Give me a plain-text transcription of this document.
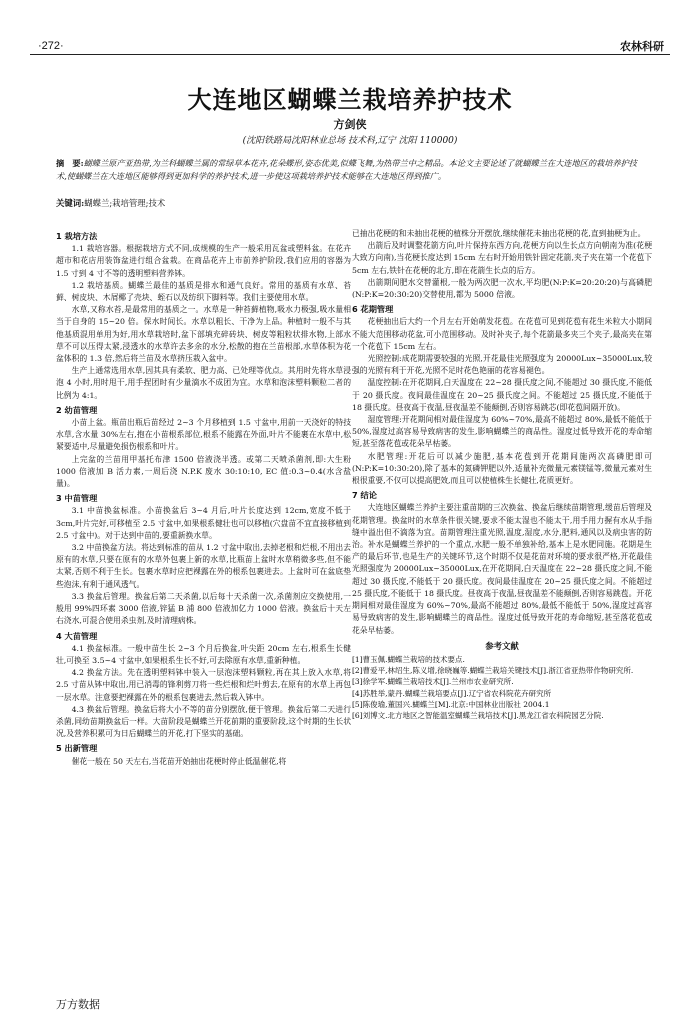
·272·	农林科研
大连地区蝴蝶兰栽培养护技术
方剑侠
(沈阳铁路局沈阳林业总场 技术科,辽宁 沈阳 110000)
摘　要:蝴蝶兰原产亚热带,为兰科蝴蝶兰属的常绿草本花卉,花朵蝶形,姿态优美,似蝶飞舞,为热带兰中之精品。本论文主要论述了就蝴蝶兰在大连地区的栽培养护技术,使蝴蝶兰在大连地区能够得到更加科学的养护技术,进一步使这项栽培养护技术能够在大连地区得到推广。
关键词:蝴蝶兰;栽培管理;技术
1 栽培方法

1.1 栽培容器。根据栽培方式不同,成规模的生产一般采用瓦盆或塑料盆。在花卉超市和花店用装饰盆进行组合盆栽。在商品花卉上市前养护阶段,我们应用的容器为 1.5 寸到 4 寸不等的透明塑料营养钵。

1.2 栽培基质。蝴蝶兰最佳的基质是排水和通气良好。常用的基质有水草、苔藓、树皮块、木屑椰了壳块、蛭石以及纺织下脚料等。我们主要使用水草。

水草,又称水苔,是最常用的基质之一。水草是一种苔藓植物,吸水力极强,吸水量相当于自身的 15~20 倍。保水时间长。水草以粗长、干净为上品。种植时一般不与其他基质混用单用为好,用水草栽培时,盆下部填充碎砖块、树皮等粗粒状排水物,上部水草不可以压得太紧,浸透水的水草许去多余的水分,松散的抱在兰苗根部,水草体积为花盆体积的 1.3 倍,然后将兰苗及水草挤压栽入盆中。

生产上通常选用水草,因其具有柔软、肥力高、已处理等优点。其用时先将水草浸泡 4 小时,用时甩干,用手捏团时有少量滴水不成团为宜。水草和泡沫塑料颗粒二者的比例为 4:1。

2 幼苗管理

小苗上盆。瓶苗出瓶后苗经过 2~3 个月移植到 1.5 寸盆中,用前一天浇好的特技水草,含水量 30%左右,抱在小苗根系部位,根系不能露在外面,叶片不能裹在水草中,松紧要适中,尽量避免损伤根系和叶片。

上完盆的兰苗用甲基托布津 1500 倍液浇半透。或第二天喷杀菌剂,即:大生粉 1000 倍液加 B 活力素,一周后浇 N.P.K 废水 30:10:10, EC 值:0.3~0.4(水含盐量)。

3 中苗管理

3.1 中苗换盆标准。小苗换盆后 3~4 月后,叶片长度达到 12cm,宽度不低于 3cm,叶片完好,可移植至 2.5 寸盆中,如果根系健壮也可以移植(穴盘苗不宜直接移植到 2.5 寸盆中)。对于达到中苗的,要重新换水草。

3.2 中苗换盆方法。将达到标准的苗从 1.2 寸盆中取出,去掉老根和烂根,不用出去原有的水草,只要在原有的水草外包裹上新的水草,比瓶苗上盆时水草稍微多些,但不能太紧,否则不利于生长。包裹水草时应把裸露在外的根系包裹进去。上盆时可在盆底垫些泡沫,有利于通风透气。

3.3 换盆后管理。换盆后第二天杀菌,以后每十天杀菌一次,杀菌剂应交换使用,一般用 99%四环素 3000 倍液,锌猛 B 浦 800 倍液加亿力 1000 倍液。换盆后十天左右浇水,可混合使用杀虫剂,及时清理病株。

4 大苗管理

4.1 换盆标准。一般中苗生长 2~3 个月后换盆,叶尖距 20cm 左右,根系生长健壮,可换至 3.5~4 寸盆中,如果根系生长不好,可去除原有水草,重新种植。

4.2 换盆方法。先在透明塑料钵中装入一层泡沫塑料颗粒,再在其上放入水草,将 2.5 寸苗从钵中取出,用已消毒的锋利剪刀将一些烂根和烂叶剪去,在原有的水草上再包一层水草。注意要把裸露在外的根系包裹进去,然后栽入钵中。

4.3 换盆后管理。换盆后将大小不等的苗分别摆放,便于管理。换盆后第二天进行杀菌,同幼苗期换盆后一样。大苗阶段是蝴蝶兰开花前期的重要阶段,这个时期的生长状况,及营养积累可为日后蝴蝶兰的开花,打下坚实的基础。

5 出新管理

催花一般在 50 天左右,当花苗开始抽出花梗时停止低温催花,将

已抽出花梗的和未抽出花梗的植株分开摆放,继续催花未抽出花梗的花,直到抽梗为止。

出箭后及时调整花箭方向,叶片保持东西方向,花梗方向以生长点方向朝南为准(花梗大致方向南),当花梗长度达到 15cm 左右时开始用铁针固定花箭,夹子夹在第一个花苞下 5cm 左右,铁针在花梗的北方,即在花箭生长点的后方。

出箭期间肥水交替灌根,一般为两次肥一次水,平均肥(N:P:K=20:20:20)与高磷肥(N:P:K=20:30:20)交替使用,都为 5000 倍液。

6 花期管理

花梗抽出后大约一个月左右开始萌发花苞。在花苞可见到花苞有花生米粒大小期间不能大范围移动花盆,可小范围移动。及时补夹子,每个花箭最多夹三个夹子,最高夹在第一个花苞下 15cm 左右。

光照控制:成花期需要较强的光照,开花最佳光照强度为 20000Lux~35000Lux,较强的光照有利于开花,光照不足时花色艳丽的花容易褪色。

温度控制:在开花期间,白天温度在 22~28 摄氏度之间,不能超过 30 摄氏度,不能低于 20 摄氏度。夜间最佳温度在 20~25 摄氏度之间。不能超过 25 摄氏度,不能低于 18 摄氏度。昼夜高于夜温,昼夜温差不能颠倒,否则容易跳芯(即花苞间隔开放)。

湿度管理:开花期间相对最佳湿度为 60%~70%,最高不能超过 80%,最低不能低于 50%,湿度过高容易导致病害的发生,影响蝴蝶兰的商品性。湿度过低导致开花的寿命缩短,甚至落花苞或花朵早枯萎。

水肥管理:开花后可以减少施肥,基本花苞到开花期间施两次高磷肥即可(N:P:K=10:30:20),除了基本的氮磷钾肥以外,适量补充微量元素镁锰等,微量元素对生根很重要,不仅可以提高肥效,而且可以使植株生长健壮,花质更好。

7 结论

大连地区蝴蝶兰养护主要注重苗期的三次换盆、换盆后继续苗期管理,缓苗后管理及花期管理。换盆时的水草条件很关键,要求不能太湿也不能太干,用手用力握有水从手指缝中溢出但不滴落为宜。苗期管理注重光照,温度,湿度,水分,肥料,通风以及病虫害的防治。补水是蝴蝶兰养护的一个重点,水肥一般不单独补给,基本上是水肥同施。花期是生产的最后环节,也是生产的关键环节,这个时期不仅是花苗对环境的要求很严格,开花最佳光照强度为 20000Lux~35000Lux,在开花期间,白天温度在 22~28 摄氏度之间,不能超过 30 摄氏度,不能低于 20 摄氏度。夜间最佳温度在 20~25 摄氏度之间。不能超过 25 摄氏度,不能低于 18 摄氏度。昼夜高于夜温,昼夜温差不能颠倒,否则容易跳苞。开花期间相对最佳湿度为 60%~70%,最高不能超过 80%,最低不能低于 50%,湿度过高容易导致病害的发生,影响蝴蝶兰的商品性。湿度过低导致开花的寿命缩短,甚至落花苞或花朵早枯萎。

参考文献

[1]曹玉佩.蝴蝶兰栽培的技术要点.

[2]曹爱平,林绍生,陈义增,徐晓巍等.蝴蝶兰栽培关键技术[J].浙江省亚热带作物研究所.

[3]徐学军.蝴蝶兰栽培技术[J].兰州市农业研究所.

[4]苏胜举,蒙丹.蝴蝶兰栽培要点[J].辽宁省农科院花卉研究所

[5]陈俊瑜,董国兴.蝴蝶兰[M].北京:中国林业出版社 2004.1

[6]刘博文.北方地区之智能温室蝴蝶兰栽培技术[J].黑龙江省农科院园艺分院.

万方数据
